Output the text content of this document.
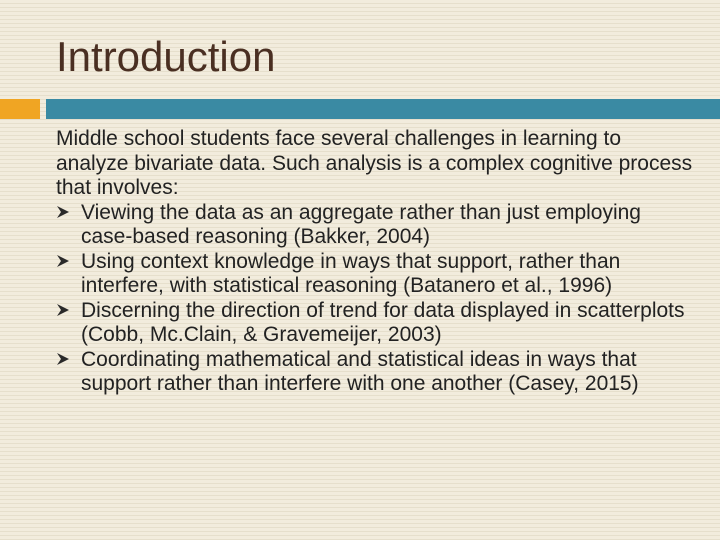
Introduction

Middle school students face several challenges in learning to analyze bivariate data. Such analysis is a complex cognitive process that involves:

Viewing the data as an aggregate rather than just employing case-based reasoning (Bakker, 2004)
Using context knowledge in ways that support, rather than interfere, with statistical reasoning (Batanero et al., 1996)
Discerning the direction of trend for data displayed in scatterplots (Cobb, Mc.Clain, & Gravemeijer, 2003)
Coordinating mathematical and statistical ideas in ways that support rather than interfere with one another (Casey, 2015)
